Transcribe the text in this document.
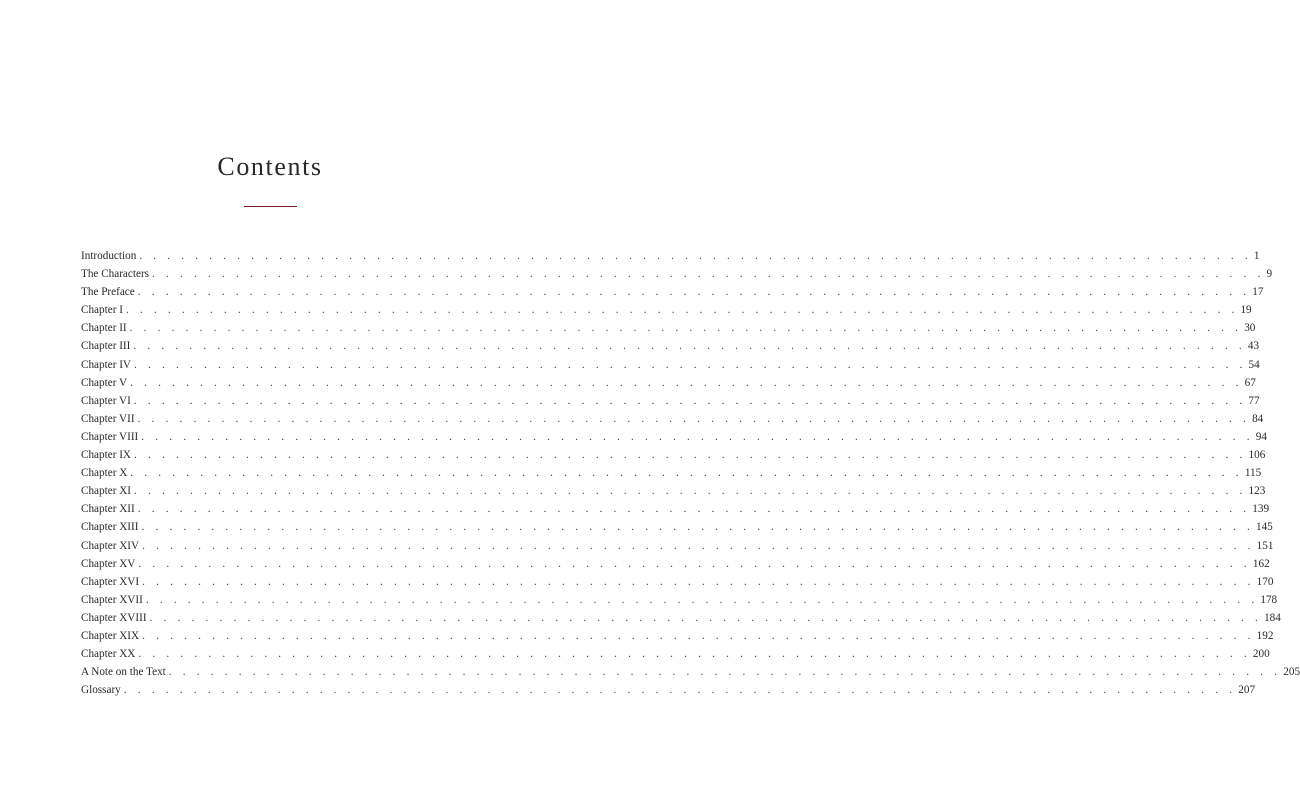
Contents
Introduction . . . . . . . . . . . . . . . . . . . . . . . . . . . . . . . . . . . . . . . . . . . . . . . . . . . . . . . . . . . . . . . . . . . . . . . . . . . . . . . . 1
The Characters . . . . . . . . . . . . . . . . . . . . . . . . . . . . . . . . . . . . . . . . . . . . . . . . . . . . . . . . . . . . . . . . . . . . . . . . . . . . . . . . 9
The Preface . . . . . . . . . . . . . . . . . . . . . . . . . . . . . . . . . . . . . . . . . . . . . . . . . . . . . . . . . . . . . . . . . . . . . . . . . . . . . . . . 17
Chapter I . . . . . . . . . . . . . . . . . . . . . . . . . . . . . . . . . . . . . . . . . . . . . . . . . . . . . . . . . . . . . . . . . . . . . . . . . . . . . . . . 19
Chapter II . . . . . . . . . . . . . . . . . . . . . . . . . . . . . . . . . . . . . . . . . . . . . . . . . . . . . . . . . . . . . . . . . . . . . . . . . . . . . . . . 30
Chapter III . . . . . . . . . . . . . . . . . . . . . . . . . . . . . . . . . . . . . . . . . . . . . . . . . . . . . . . . . . . . . . . . . . . . . . . . . . . . . . . . 43
Chapter IV . . . . . . . . . . . . . . . . . . . . . . . . . . . . . . . . . . . . . . . . . . . . . . . . . . . . . . . . . . . . . . . . . . . . . . . . . . . . . . . . 54
Chapter V . . . . . . . . . . . . . . . . . . . . . . . . . . . . . . . . . . . . . . . . . . . . . . . . . . . . . . . . . . . . . . . . . . . . . . . . . . . . . . . . 67
Chapter VI . . . . . . . . . . . . . . . . . . . . . . . . . . . . . . . . . . . . . . . . . . . . . . . . . . . . . . . . . . . . . . . . . . . . . . . . . . . . . . . . 77
Chapter VII . . . . . . . . . . . . . . . . . . . . . . . . . . . . . . . . . . . . . . . . . . . . . . . . . . . . . . . . . . . . . . . . . . . . . . . . . . . . . . . . 84
Chapter VIII . . . . . . . . . . . . . . . . . . . . . . . . . . . . . . . . . . . . . . . . . . . . . . . . . . . . . . . . . . . . . . . . . . . . . . . . . . . . . . . . 94
Chapter IX . . . . . . . . . . . . . . . . . . . . . . . . . . . . . . . . . . . . . . . . . . . . . . . . . . . . . . . . . . . . . . . . . . . . . . . . . . . . . . . . 106
Chapter X . . . . . . . . . . . . . . . . . . . . . . . . . . . . . . . . . . . . . . . . . . . . . . . . . . . . . . . . . . . . . . . . . . . . . . . . . . . . . . . . 115
Chapter XI . . . . . . . . . . . . . . . . . . . . . . . . . . . . . . . . . . . . . . . . . . . . . . . . . . . . . . . . . . . . . . . . . . . . . . . . . . . . . . . . 123
Chapter XII . . . . . . . . . . . . . . . . . . . . . . . . . . . . . . . . . . . . . . . . . . . . . . . . . . . . . . . . . . . . . . . . . . . . . . . . . . . . . . . . 139
Chapter XIII . . . . . . . . . . . . . . . . . . . . . . . . . . . . . . . . . . . . . . . . . . . . . . . . . . . . . . . . . . . . . . . . . . . . . . . . . . . . . . . . 145
Chapter XIV . . . . . . . . . . . . . . . . . . . . . . . . . . . . . . . . . . . . . . . . . . . . . . . . . . . . . . . . . . . . . . . . . . . . . . . . . . . . . . . . 151
Chapter XV . . . . . . . . . . . . . . . . . . . . . . . . . . . . . . . . . . . . . . . . . . . . . . . . . . . . . . . . . . . . . . . . . . . . . . . . . . . . . . . . 162
Chapter XVI . . . . . . . . . . . . . . . . . . . . . . . . . . . . . . . . . . . . . . . . . . . . . . . . . . . . . . . . . . . . . . . . . . . . . . . . . . . . . . . . 170
Chapter XVII . . . . . . . . . . . . . . . . . . . . . . . . . . . . . . . . . . . . . . . . . . . . . . . . . . . . . . . . . . . . . . . . . . . . . . . . . . . . . . . . 178
Chapter XVIII . . . . . . . . . . . . . . . . . . . . . . . . . . . . . . . . . . . . . . . . . . . . . . . . . . . . . . . . . . . . . . . . . . . . . . . . . . . . . . . . 184
Chapter XIX . . . . . . . . . . . . . . . . . . . . . . . . . . . . . . . . . . . . . . . . . . . . . . . . . . . . . . . . . . . . . . . . . . . . . . . . . . . . . . . . 192
Chapter XX . . . . . . . . . . . . . . . . . . . . . . . . . . . . . . . . . . . . . . . . . . . . . . . . . . . . . . . . . . . . . . . . . . . . . . . . . . . . . . . . 200
A Note on the Text . . . . . . . . . . . . . . . . . . . . . . . . . . . . . . . . . . . . . . . . . . . . . . . . . . . . . . . . . . . . . . . . . . . . . . . . . . . . . . . . 205
Glossary . . . . . . . . . . . . . . . . . . . . . . . . . . . . . . . . . . . . . . . . . . . . . . . . . . . . . . . . . . . . . . . . . . . . . . . . . . . . . . . . 207
